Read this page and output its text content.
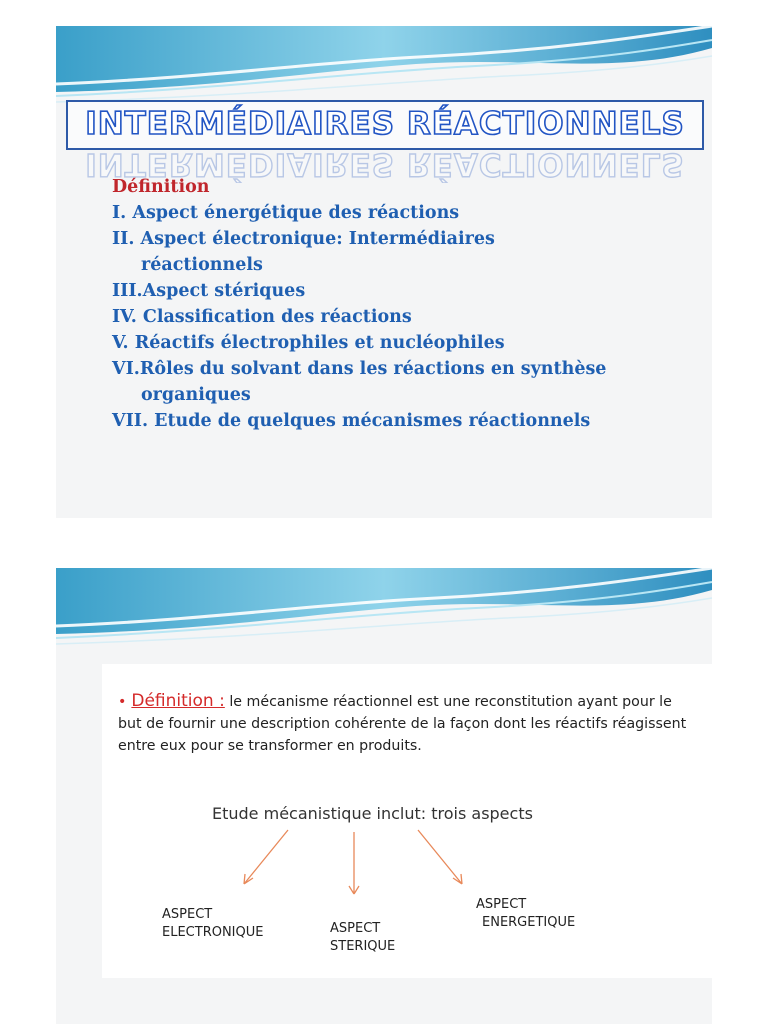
INTERMÉDIAIRES RÉACTIONNELS
INTERMÉDIAIRES RÉACTIONNELS
Définition
I. Aspect énergétique des réactions
II. Aspect électronique: Intermédiaires
réactionnels
III.Aspect stériques
IV. Classification des réactions
V. Réactifs électrophiles et nucléophiles
VI.Rôles du solvant dans les réactions en synthèse
organiques
VII. Etude de quelques mécanismes réactionnels
• Définition : le mécanisme réactionnel est une reconstitution ayant pour le but de fournir une description cohérente de la façon dont les réactifs réagissent entre eux pour se transformer en produits.
Etude mécanistique inclut: trois aspects
ASPECT
ELECTRONIQUE	ASPECT
STERIQUE
ASPECT
ENERGETIQUE
